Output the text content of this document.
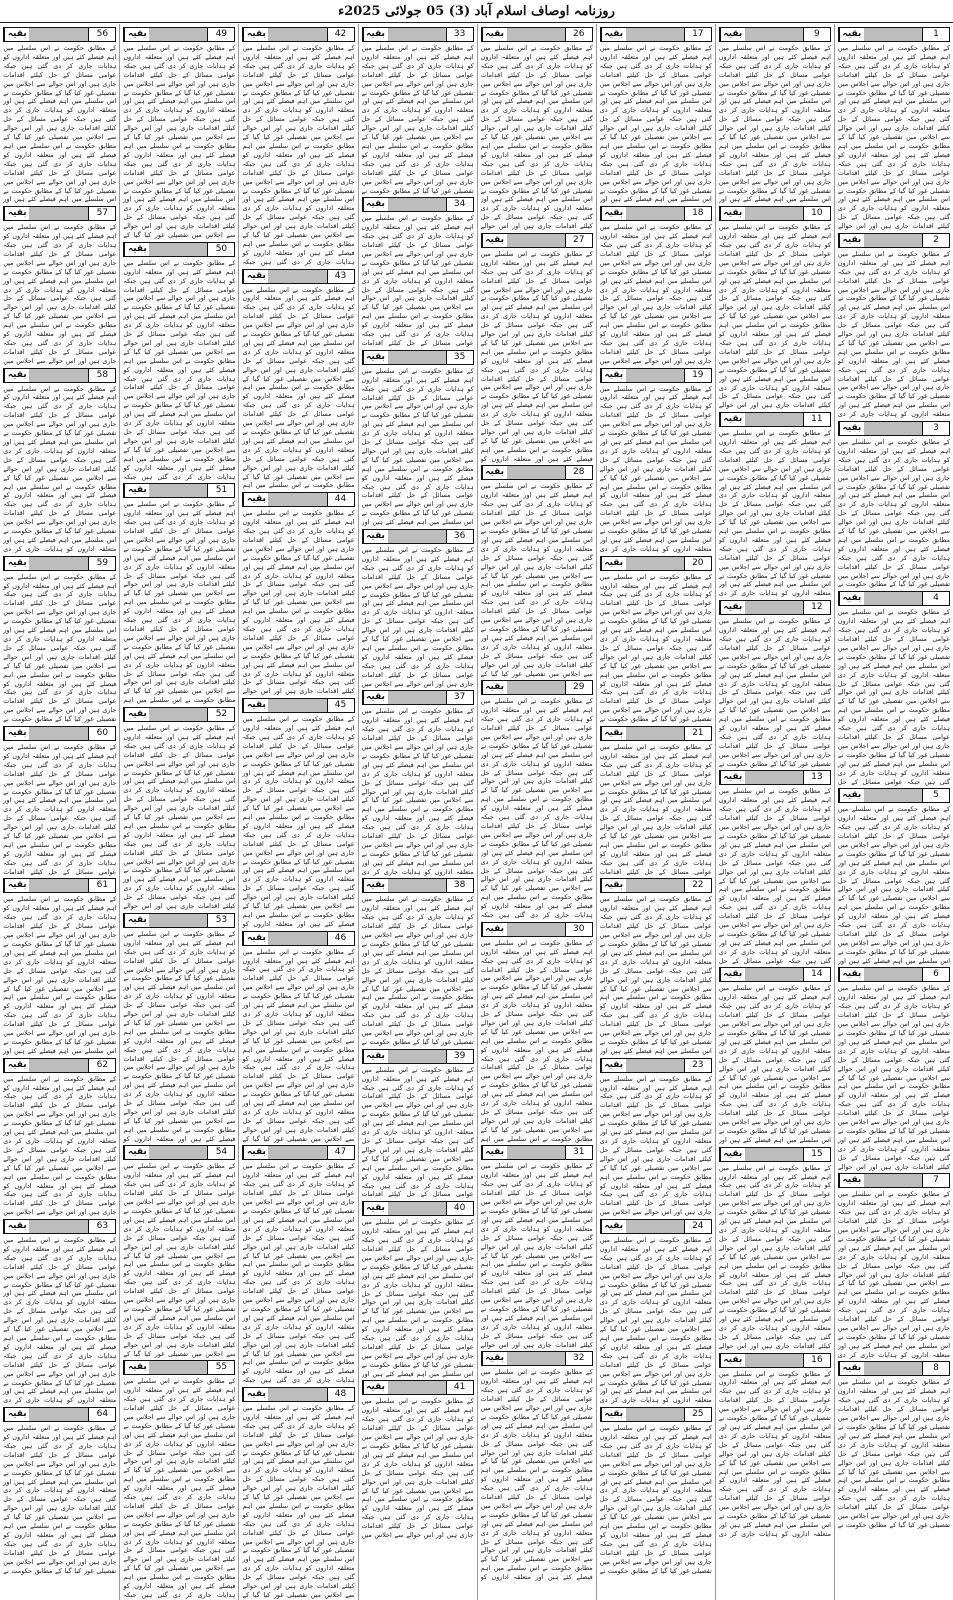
روزنامہ اوصاف اسلام آباد (3) 05 جولائی 2025ء
1
بقیہ

کے مطابق حکومت نے اس سلسلے میں اہم فیصلے کئے ہیں اور متعلقہ اداروں کو ہدایات جاری کر دی گئی ہیں جبکہ عوامی مسائل کے حل کیلئے اقدامات جاری ہیں اور اس حوالے سے اجلاس میں تفصیلی غور کیا گیا کے مطابق حکومت نے اس سلسلے میں اہم فیصلے کئے ہیں اور متعلقہ اداروں کو ہدایات جاری کر دی گئی ہیں جبکہ عوامی مسائل کے حل کیلئے اقدامات جاری ہیں اور اس حوالے سے اجلاس میں تفصیلی غور کیا گیا کے مطابق حکومت نے اس سلسلے میں اہم فیصلے کئے ہیں اور متعلقہ اداروں کو ہدایات جاری کر دی گئی ہیں جبکہ عوامی مسائل کے حل کیلئے اقدامات جاری ہیں اور اس حوالے سے اجلاس میں تفصیلی غور کیا گیا کے مطابق حکومت نے اس سلسلے میں اہم فیصلے کئے ہیں اور متعلقہ اداروں کو ہدایات جاری کر دی گئی ہیں جبکہ عوامی مسائل کے حل کیلئے اقدامات جاری ہیں اور اس حوالے

2
بقیہ

کے مطابق حکومت نے اس سلسلے میں اہم فیصلے کئے ہیں اور متعلقہ اداروں کو ہدایات جاری کر دی گئی ہیں جبکہ عوامی مسائل کے حل کیلئے اقدامات جاری ہیں اور اس حوالے سے اجلاس میں تفصیلی غور کیا گیا کے مطابق حکومت نے اس سلسلے میں اہم فیصلے کئے ہیں اور متعلقہ اداروں کو ہدایات جاری کر دی گئی ہیں جبکہ عوامی مسائل کے حل کیلئے اقدامات جاری ہیں اور اس حوالے سے اجلاس میں تفصیلی غور کیا گیا کے مطابق حکومت نے اس سلسلے میں اہم فیصلے کئے ہیں اور متعلقہ اداروں کو ہدایات جاری کر دی گئی ہیں جبکہ عوامی مسائل کے حل کیلئے اقدامات جاری ہیں اور اس حوالے سے اجلاس میں تفصیلی غور کیا گیا کے مطابق حکومت نے اس سلسلے میں اہم فیصلے کئے ہیں اور متعلقہ اداروں کو ہدایات جاری کر دی

3
بقیہ

کے مطابق حکومت نے اس سلسلے میں اہم فیصلے کئے ہیں اور متعلقہ اداروں کو ہدایات جاری کر دی گئی ہیں جبکہ عوامی مسائل کے حل کیلئے اقدامات جاری ہیں اور اس حوالے سے اجلاس میں تفصیلی غور کیا گیا کے مطابق حکومت نے اس سلسلے میں اہم فیصلے کئے ہیں اور متعلقہ اداروں کو ہدایات جاری کر دی گئی ہیں جبکہ عوامی مسائل کے حل کیلئے اقدامات جاری ہیں اور اس حوالے سے اجلاس میں تفصیلی غور کیا گیا کے مطابق حکومت نے اس سلسلے میں اہم فیصلے کئے ہیں اور متعلقہ اداروں کو ہدایات جاری کر دی گئی ہیں جبکہ عوامی مسائل کے حل کیلئے اقدامات جاری ہیں اور اس حوالے سے اجلاس میں تفصیلی غور کیا گیا کے مطابق حکومت نے

4
بقیہ

کے مطابق حکومت نے اس سلسلے میں اہم فیصلے کئے ہیں اور متعلقہ اداروں کو ہدایات جاری کر دی گئی ہیں جبکہ عوامی مسائل کے حل کیلئے اقدامات جاری ہیں اور اس حوالے سے اجلاس میں تفصیلی غور کیا گیا کے مطابق حکومت نے اس سلسلے میں اہم فیصلے کئے ہیں اور متعلقہ اداروں کو ہدایات جاری کر دی گئی ہیں جبکہ عوامی مسائل کے حل کیلئے اقدامات جاری ہیں اور اس حوالے سے اجلاس میں تفصیلی غور کیا گیا کے مطابق حکومت نے اس سلسلے میں اہم فیصلے کئے ہیں اور متعلقہ اداروں کو ہدایات جاری کر دی گئی ہیں جبکہ عوامی مسائل کے حل کیلئے اقدامات جاری ہیں اور اس حوالے سے اجلاس میں تفصیلی غور کیا گیا کے مطابق حکومت نے اس سلسلے میں اہم فیصلے کئے ہیں اور متعلقہ اداروں کو ہدایات جاری کر دی گئی ہیں جبکہ عوامی مسائل کے حل

5
بقیہ

کے مطابق حکومت نے اس سلسلے میں اہم فیصلے کئے ہیں اور متعلقہ اداروں کو ہدایات جاری کر دی گئی ہیں جبکہ عوامی مسائل کے حل کیلئے اقدامات جاری ہیں اور اس حوالے سے اجلاس میں تفصیلی غور کیا گیا کے مطابق حکومت نے اس سلسلے میں اہم فیصلے کئے ہیں اور متعلقہ اداروں کو ہدایات جاری کر دی گئی ہیں جبکہ عوامی مسائل کے حل کیلئے اقدامات جاری ہیں اور اس حوالے سے اجلاس میں تفصیلی غور کیا گیا کے مطابق حکومت نے اس سلسلے میں اہم فیصلے کئے ہیں اور متعلقہ اداروں کو ہدایات جاری کر دی گئی ہیں جبکہ عوامی مسائل کے حل کیلئے اقدامات جاری ہیں اور اس حوالے سے اجلاس میں تفصیلی غور کیا گیا کے مطابق حکومت نے اس سلسلے میں اہم فیصلے کئے ہیں اور

6
بقیہ

کے مطابق حکومت نے اس سلسلے میں اہم فیصلے کئے ہیں اور متعلقہ اداروں کو ہدایات جاری کر دی گئی ہیں جبکہ عوامی مسائل کے حل کیلئے اقدامات جاری ہیں اور اس حوالے سے اجلاس میں تفصیلی غور کیا گیا کے مطابق حکومت نے اس سلسلے میں اہم فیصلے کئے ہیں اور متعلقہ اداروں کو ہدایات جاری کر دی گئی ہیں جبکہ عوامی مسائل کے حل کیلئے اقدامات جاری ہیں اور اس حوالے سے اجلاس میں تفصیلی غور کیا گیا کے مطابق حکومت نے اس سلسلے میں اہم فیصلے کئے ہیں اور متعلقہ اداروں کو ہدایات جاری کر دی گئی ہیں جبکہ عوامی مسائل کے حل کیلئے اقدامات جاری ہیں اور اس حوالے سے اجلاس میں تفصیلی غور کیا گیا کے مطابق حکومت نے اس سلسلے میں اہم فیصلے کئے ہیں اور متعلقہ اداروں کو ہدایات جاری کر دی گئی ہیں جبکہ عوامی مسائل کے حل کیلئے اقدامات جاری ہیں اور اس حوالے

7
بقیہ

کے مطابق حکومت نے اس سلسلے میں اہم فیصلے کئے ہیں اور متعلقہ اداروں کو ہدایات جاری کر دی گئی ہیں جبکہ عوامی مسائل کے حل کیلئے اقدامات جاری ہیں اور اس حوالے سے اجلاس میں تفصیلی غور کیا گیا کے مطابق حکومت نے اس سلسلے میں اہم فیصلے کئے ہیں اور متعلقہ اداروں کو ہدایات جاری کر دی گئی ہیں جبکہ عوامی مسائل کے حل کیلئے اقدامات جاری ہیں اور اس حوالے سے اجلاس میں تفصیلی غور کیا گیا کے مطابق حکومت نے اس سلسلے میں اہم فیصلے کئے ہیں اور متعلقہ اداروں کو ہدایات جاری کر دی گئی ہیں جبکہ عوامی مسائل کے حل کیلئے اقدامات جاری ہیں اور اس حوالے سے اجلاس میں تفصیلی غور کیا گیا کے مطابق حکومت نے اس سلسلے میں اہم فیصلے کئے ہیں اور متعلقہ اداروں کو ہدایات جاری کر دی

8
بقیہ

کے مطابق حکومت نے اس سلسلے میں اہم فیصلے کئے ہیں اور متعلقہ اداروں کو ہدایات جاری کر دی گئی ہیں جبکہ عوامی مسائل کے حل کیلئے اقدامات جاری ہیں اور اس حوالے سے اجلاس میں تفصیلی غور کیا گیا کے مطابق حکومت نے اس سلسلے میں اہم فیصلے کئے ہیں اور متعلقہ اداروں کو ہدایات جاری کر دی گئی ہیں جبکہ عوامی مسائل کے حل کیلئے اقدامات جاری ہیں اور اس حوالے سے اجلاس میں تفصیلی غور کیا گیا کے مطابق حکومت نے اس سلسلے میں اہم فیصلے کئے ہیں اور متعلقہ اداروں کو ہدایات جاری کر دی گئی ہیں جبکہ عوامی مسائل کے حل کیلئے اقدامات جاری ہیں اور اس حوالے سے اجلاس میں تفصیلی غور کیا گیا کے مطابق حکومت نے

9
بقیہ

کے مطابق حکومت نے اس سلسلے میں اہم فیصلے کئے ہیں اور متعلقہ اداروں کو ہدایات جاری کر دی گئی ہیں جبکہ عوامی مسائل کے حل کیلئے اقدامات جاری ہیں اور اس حوالے سے اجلاس میں تفصیلی غور کیا گیا کے مطابق حکومت نے اس سلسلے میں اہم فیصلے کئے ہیں اور متعلقہ اداروں کو ہدایات جاری کر دی گئی ہیں جبکہ عوامی مسائل کے حل کیلئے اقدامات جاری ہیں اور اس حوالے سے اجلاس میں تفصیلی غور کیا گیا کے مطابق حکومت نے اس سلسلے میں اہم فیصلے کئے ہیں اور متعلقہ اداروں کو ہدایات جاری کر دی گئی ہیں جبکہ عوامی مسائل کے حل کیلئے اقدامات جاری ہیں اور اس حوالے سے اجلاس میں تفصیلی غور کیا گیا کے مطابق حکومت نے اس سلسلے میں اہم فیصلے کئے ہیں اور

10
بقیہ

کے مطابق حکومت نے اس سلسلے میں اہم فیصلے کئے ہیں اور متعلقہ اداروں کو ہدایات جاری کر دی گئی ہیں جبکہ عوامی مسائل کے حل کیلئے اقدامات جاری ہیں اور اس حوالے سے اجلاس میں تفصیلی غور کیا گیا کے مطابق حکومت نے اس سلسلے میں اہم فیصلے کئے ہیں اور متعلقہ اداروں کو ہدایات جاری کر دی گئی ہیں جبکہ عوامی مسائل کے حل کیلئے اقدامات جاری ہیں اور اس حوالے سے اجلاس میں تفصیلی غور کیا گیا کے مطابق حکومت نے اس سلسلے میں اہم فیصلے کئے ہیں اور متعلقہ اداروں کو ہدایات جاری کر دی گئی ہیں جبکہ عوامی مسائل کے حل کیلئے اقدامات جاری ہیں اور اس حوالے سے اجلاس میں تفصیلی غور کیا گیا کے مطابق حکومت نے اس سلسلے میں اہم فیصلے کئے ہیں اور متعلقہ اداروں کو ہدایات جاری کر دی گئی ہیں جبکہ عوامی مسائل کے حل کیلئے اقدامات جاری ہیں اور اس حوالے

11
بقیہ

کے مطابق حکومت نے اس سلسلے میں اہم فیصلے کئے ہیں اور متعلقہ اداروں کو ہدایات جاری کر دی گئی ہیں جبکہ عوامی مسائل کے حل کیلئے اقدامات جاری ہیں اور اس حوالے سے اجلاس میں تفصیلی غور کیا گیا کے مطابق حکومت نے اس سلسلے میں اہم فیصلے کئے ہیں اور متعلقہ اداروں کو ہدایات جاری کر دی گئی ہیں جبکہ عوامی مسائل کے حل کیلئے اقدامات جاری ہیں اور اس حوالے سے اجلاس میں تفصیلی غور کیا گیا کے مطابق حکومت نے اس سلسلے میں اہم فیصلے کئے ہیں اور متعلقہ اداروں کو ہدایات جاری کر دی گئی ہیں جبکہ عوامی مسائل کے حل کیلئے اقدامات جاری ہیں اور اس حوالے سے اجلاس میں تفصیلی غور کیا گیا کے مطابق حکومت نے اس سلسلے میں اہم فیصلے کئے ہیں اور متعلقہ اداروں کو ہدایات جاری کر دی

12
بقیہ

کے مطابق حکومت نے اس سلسلے میں اہم فیصلے کئے ہیں اور متعلقہ اداروں کو ہدایات جاری کر دی گئی ہیں جبکہ عوامی مسائل کے حل کیلئے اقدامات جاری ہیں اور اس حوالے سے اجلاس میں تفصیلی غور کیا گیا کے مطابق حکومت نے اس سلسلے میں اہم فیصلے کئے ہیں اور متعلقہ اداروں کو ہدایات جاری کر دی گئی ہیں جبکہ عوامی مسائل کے حل کیلئے اقدامات جاری ہیں اور اس حوالے سے اجلاس میں تفصیلی غور کیا گیا کے مطابق حکومت نے اس سلسلے میں اہم فیصلے کئے ہیں اور متعلقہ اداروں کو ہدایات جاری کر دی گئی ہیں جبکہ عوامی مسائل کے حل کیلئے اقدامات جاری ہیں اور اس حوالے سے اجلاس میں تفصیلی غور کیا گیا کے مطابق حکومت نے

13
بقیہ

کے مطابق حکومت نے اس سلسلے میں اہم فیصلے کئے ہیں اور متعلقہ اداروں کو ہدایات جاری کر دی گئی ہیں جبکہ عوامی مسائل کے حل کیلئے اقدامات جاری ہیں اور اس حوالے سے اجلاس میں تفصیلی غور کیا گیا کے مطابق حکومت نے اس سلسلے میں اہم فیصلے کئے ہیں اور متعلقہ اداروں کو ہدایات جاری کر دی گئی ہیں جبکہ عوامی مسائل کے حل کیلئے اقدامات جاری ہیں اور اس حوالے سے اجلاس میں تفصیلی غور کیا گیا کے مطابق حکومت نے اس سلسلے میں اہم فیصلے کئے ہیں اور متعلقہ اداروں کو ہدایات جاری کر دی گئی ہیں جبکہ عوامی مسائل کے حل کیلئے اقدامات جاری ہیں اور اس حوالے سے اجلاس میں تفصیلی غور کیا گیا کے مطابق حکومت نے اس سلسلے میں اہم فیصلے کئے ہیں اور متعلقہ اداروں کو ہدایات جاری کر دی گئی ہیں جبکہ عوامی مسائل کے حل

14
بقیہ

کے مطابق حکومت نے اس سلسلے میں اہم فیصلے کئے ہیں اور متعلقہ اداروں کو ہدایات جاری کر دی گئی ہیں جبکہ عوامی مسائل کے حل کیلئے اقدامات جاری ہیں اور اس حوالے سے اجلاس میں تفصیلی غور کیا گیا کے مطابق حکومت نے اس سلسلے میں اہم فیصلے کئے ہیں اور متعلقہ اداروں کو ہدایات جاری کر دی گئی ہیں جبکہ عوامی مسائل کے حل کیلئے اقدامات جاری ہیں اور اس حوالے سے اجلاس میں تفصیلی غور کیا گیا کے مطابق حکومت نے اس سلسلے میں اہم فیصلے کئے ہیں اور متعلقہ اداروں کو ہدایات جاری کر دی گئی ہیں جبکہ عوامی مسائل کے حل کیلئے اقدامات جاری ہیں اور اس حوالے سے اجلاس میں تفصیلی غور کیا گیا کے مطابق حکومت نے اس سلسلے میں اہم فیصلے کئے ہیں اور

15
بقیہ

کے مطابق حکومت نے اس سلسلے میں اہم فیصلے کئے ہیں اور متعلقہ اداروں کو ہدایات جاری کر دی گئی ہیں جبکہ عوامی مسائل کے حل کیلئے اقدامات جاری ہیں اور اس حوالے سے اجلاس میں تفصیلی غور کیا گیا کے مطابق حکومت نے اس سلسلے میں اہم فیصلے کئے ہیں اور متعلقہ اداروں کو ہدایات جاری کر دی گئی ہیں جبکہ عوامی مسائل کے حل کیلئے اقدامات جاری ہیں اور اس حوالے سے اجلاس میں تفصیلی غور کیا گیا کے مطابق حکومت نے اس سلسلے میں اہم فیصلے کئے ہیں اور متعلقہ اداروں کو ہدایات جاری کر دی گئی ہیں جبکہ عوامی مسائل کے حل کیلئے اقدامات جاری ہیں اور اس حوالے سے اجلاس میں تفصیلی غور کیا گیا کے مطابق حکومت نے اس سلسلے میں اہم فیصلے کئے ہیں اور متعلقہ اداروں کو ہدایات جاری کر دی گئی ہیں جبکہ عوامی مسائل کے حل کیلئے اقدامات جاری ہیں اور اس حوالے

16
بقیہ

کے مطابق حکومت نے اس سلسلے میں اہم فیصلے کئے ہیں اور متعلقہ اداروں کو ہدایات جاری کر دی گئی ہیں جبکہ عوامی مسائل کے حل کیلئے اقدامات جاری ہیں اور اس حوالے سے اجلاس میں تفصیلی غور کیا گیا کے مطابق حکومت نے اس سلسلے میں اہم فیصلے کئے ہیں اور متعلقہ اداروں کو ہدایات جاری کر دی گئی ہیں جبکہ عوامی مسائل کے حل کیلئے اقدامات جاری ہیں اور اس حوالے سے اجلاس میں تفصیلی غور کیا گیا کے مطابق حکومت نے اس سلسلے میں اہم فیصلے کئے ہیں اور متعلقہ اداروں کو ہدایات جاری کر دی گئی ہیں جبکہ عوامی مسائل کے حل کیلئے اقدامات جاری ہیں اور اس حوالے سے اجلاس میں تفصیلی غور کیا گیا کے مطابق حکومت نے اس سلسلے میں اہم فیصلے کئے ہیں اور متعلقہ اداروں کو ہدایات جاری کر دی

17
بقیہ

کے مطابق حکومت نے اس سلسلے میں اہم فیصلے کئے ہیں اور متعلقہ اداروں کو ہدایات جاری کر دی گئی ہیں جبکہ عوامی مسائل کے حل کیلئے اقدامات جاری ہیں اور اس حوالے سے اجلاس میں تفصیلی غور کیا گیا کے مطابق حکومت نے اس سلسلے میں اہم فیصلے کئے ہیں اور متعلقہ اداروں کو ہدایات جاری کر دی گئی ہیں جبکہ عوامی مسائل کے حل کیلئے اقدامات جاری ہیں اور اس حوالے سے اجلاس میں تفصیلی غور کیا گیا کے مطابق حکومت نے اس سلسلے میں اہم فیصلے کئے ہیں اور متعلقہ اداروں کو ہدایات جاری کر دی گئی ہیں جبکہ عوامی مسائل کے حل کیلئے اقدامات جاری ہیں اور اس حوالے سے اجلاس میں تفصیلی غور کیا گیا کے مطابق حکومت نے اس سلسلے میں اہم فیصلے کئے ہیں اور

18
بقیہ

کے مطابق حکومت نے اس سلسلے میں اہم فیصلے کئے ہیں اور متعلقہ اداروں کو ہدایات جاری کر دی گئی ہیں جبکہ عوامی مسائل کے حل کیلئے اقدامات جاری ہیں اور اس حوالے سے اجلاس میں تفصیلی غور کیا گیا کے مطابق حکومت نے اس سلسلے میں اہم فیصلے کئے ہیں اور متعلقہ اداروں کو ہدایات جاری کر دی گئی ہیں جبکہ عوامی مسائل کے حل کیلئے اقدامات جاری ہیں اور اس حوالے سے اجلاس میں تفصیلی غور کیا گیا کے مطابق حکومت نے اس سلسلے میں اہم فیصلے کئے ہیں اور متعلقہ اداروں کو ہدایات جاری کر دی گئی ہیں جبکہ عوامی مسائل کے حل کیلئے اقدامات جاری ہیں اور اس حوالے سے اجلاس میں

19
بقیہ

کے مطابق حکومت نے اس سلسلے میں اہم فیصلے کئے ہیں اور متعلقہ اداروں کو ہدایات جاری کر دی گئی ہیں جبکہ عوامی مسائل کے حل کیلئے اقدامات جاری ہیں اور اس حوالے سے اجلاس میں تفصیلی غور کیا گیا کے مطابق حکومت نے اس سلسلے میں اہم فیصلے کئے ہیں اور متعلقہ اداروں کو ہدایات جاری کر دی گئی ہیں جبکہ عوامی مسائل کے حل کیلئے اقدامات جاری ہیں اور اس حوالے سے اجلاس میں تفصیلی غور کیا گیا کے مطابق حکومت نے اس سلسلے میں اہم فیصلے کئے ہیں اور متعلقہ اداروں کو ہدایات جاری کر دی گئی ہیں جبکہ عوامی مسائل کے حل کیلئے اقدامات جاری ہیں اور اس حوالے سے اجلاس میں تفصیلی غور کیا گیا کے مطابق حکومت نے اس سلسلے میں اہم فیصلے کئے ہیں اور متعلقہ اداروں کو ہدایات جاری کر دی

20
بقیہ

کے مطابق حکومت نے اس سلسلے میں اہم فیصلے کئے ہیں اور متعلقہ اداروں کو ہدایات جاری کر دی گئی ہیں جبکہ عوامی مسائل کے حل کیلئے اقدامات جاری ہیں اور اس حوالے سے اجلاس میں تفصیلی غور کیا گیا کے مطابق حکومت نے اس سلسلے میں اہم فیصلے کئے ہیں اور متعلقہ اداروں کو ہدایات جاری کر دی گئی ہیں جبکہ عوامی مسائل کے حل کیلئے اقدامات جاری ہیں اور اس حوالے سے اجلاس میں تفصیلی غور کیا گیا کے مطابق حکومت نے اس سلسلے میں اہم فیصلے کئے ہیں اور متعلقہ اداروں کو ہدایات جاری کر دی گئی ہیں جبکہ عوامی مسائل کے حل کیلئے اقدامات جاری ہیں اور اس حوالے سے اجلاس میں تفصیلی غور کیا گیا کے مطابق حکومت نے

21
بقیہ

کے مطابق حکومت نے اس سلسلے میں اہم فیصلے کئے ہیں اور متعلقہ اداروں کو ہدایات جاری کر دی گئی ہیں جبکہ عوامی مسائل کے حل کیلئے اقدامات جاری ہیں اور اس حوالے سے اجلاس میں تفصیلی غور کیا گیا کے مطابق حکومت نے اس سلسلے میں اہم فیصلے کئے ہیں اور متعلقہ اداروں کو ہدایات جاری کر دی گئی ہیں جبکہ عوامی مسائل کے حل کیلئے اقدامات جاری ہیں اور اس حوالے سے اجلاس میں تفصیلی غور کیا گیا کے مطابق حکومت نے اس سلسلے میں اہم فیصلے کئے ہیں اور متعلقہ اداروں کو ہدایات جاری کر دی گئی ہیں جبکہ عوامی مسائل کے حل کیلئے اقدامات

22
بقیہ

کے مطابق حکومت نے اس سلسلے میں اہم فیصلے کئے ہیں اور متعلقہ اداروں کو ہدایات جاری کر دی گئی ہیں جبکہ عوامی مسائل کے حل کیلئے اقدامات جاری ہیں اور اس حوالے سے اجلاس میں تفصیلی غور کیا گیا کے مطابق حکومت نے اس سلسلے میں اہم فیصلے کئے ہیں اور متعلقہ اداروں کو ہدایات جاری کر دی گئی ہیں جبکہ عوامی مسائل کے حل کیلئے اقدامات جاری ہیں اور اس حوالے سے اجلاس میں تفصیلی غور کیا گیا کے مطابق حکومت نے اس سلسلے میں اہم فیصلے کئے ہیں اور متعلقہ اداروں کو ہدایات جاری کر دی گئی ہیں جبکہ عوامی مسائل کے حل کیلئے اقدامات جاری ہیں اور اس حوالے سے اجلاس میں تفصیلی غور کیا گیا کے مطابق حکومت نے اس سلسلے میں اہم فیصلے کئے ہیں اور

23
بقیہ

کے مطابق حکومت نے اس سلسلے میں اہم فیصلے کئے ہیں اور متعلقہ اداروں کو ہدایات جاری کر دی گئی ہیں جبکہ عوامی مسائل کے حل کیلئے اقدامات جاری ہیں اور اس حوالے سے اجلاس میں تفصیلی غور کیا گیا کے مطابق حکومت نے اس سلسلے میں اہم فیصلے کئے ہیں اور متعلقہ اداروں کو ہدایات جاری کر دی گئی ہیں جبکہ عوامی مسائل کے حل کیلئے اقدامات جاری ہیں اور اس حوالے سے اجلاس میں تفصیلی غور کیا گیا کے مطابق حکومت نے اس سلسلے میں اہم فیصلے کئے ہیں اور متعلقہ اداروں کو ہدایات جاری کر دی گئی ہیں جبکہ عوامی مسائل کے حل کیلئے اقدامات جاری ہیں اور اس حوالے سے اجلاس میں

24
بقیہ

کے مطابق حکومت نے اس سلسلے میں اہم فیصلے کئے ہیں اور متعلقہ اداروں کو ہدایات جاری کر دی گئی ہیں جبکہ عوامی مسائل کے حل کیلئے اقدامات جاری ہیں اور اس حوالے سے اجلاس میں تفصیلی غور کیا گیا کے مطابق حکومت نے اس سلسلے میں اہم فیصلے کئے ہیں اور متعلقہ اداروں کو ہدایات جاری کر دی گئی ہیں جبکہ عوامی مسائل کے حل کیلئے اقدامات جاری ہیں اور اس حوالے سے اجلاس میں تفصیلی غور کیا گیا کے مطابق حکومت نے اس سلسلے میں اہم فیصلے کئے ہیں اور متعلقہ اداروں کو ہدایات جاری کر دی گئی ہیں جبکہ عوامی مسائل کے حل کیلئے اقدامات جاری ہیں اور اس حوالے سے اجلاس میں تفصیلی غور کیا گیا کے مطابق حکومت نے اس سلسلے میں اہم فیصلے کئے ہیں اور متعلقہ اداروں کو ہدایات جاری کر دی

25
بقیہ

کے مطابق حکومت نے اس سلسلے میں اہم فیصلے کئے ہیں اور متعلقہ اداروں کو ہدایات جاری کر دی گئی ہیں جبکہ عوامی مسائل کے حل کیلئے اقدامات جاری ہیں اور اس حوالے سے اجلاس میں تفصیلی غور کیا گیا کے مطابق حکومت نے اس سلسلے میں اہم فیصلے کئے ہیں اور متعلقہ اداروں کو ہدایات جاری کر دی گئی ہیں جبکہ عوامی مسائل کے حل کیلئے اقدامات جاری ہیں اور اس حوالے سے اجلاس میں تفصیلی غور کیا گیا کے مطابق حکومت نے اس سلسلے میں اہم فیصلے کئے ہیں اور متعلقہ اداروں کو ہدایات جاری کر دی گئی ہیں جبکہ عوامی مسائل کے حل کیلئے اقدامات جاری ہیں اور اس حوالے سے اجلاس میں تفصیلی غور کیا گیا کے مطابق حکومت نے

26
بقیہ

کے مطابق حکومت نے اس سلسلے میں اہم فیصلے کئے ہیں اور متعلقہ اداروں کو ہدایات جاری کر دی گئی ہیں جبکہ عوامی مسائل کے حل کیلئے اقدامات جاری ہیں اور اس حوالے سے اجلاس میں تفصیلی غور کیا گیا کے مطابق حکومت نے اس سلسلے میں اہم فیصلے کئے ہیں اور متعلقہ اداروں کو ہدایات جاری کر دی گئی ہیں جبکہ عوامی مسائل کے حل کیلئے اقدامات جاری ہیں اور اس حوالے سے اجلاس میں تفصیلی غور کیا گیا کے مطابق حکومت نے اس سلسلے میں اہم فیصلے کئے ہیں اور متعلقہ اداروں کو ہدایات جاری کر دی گئی ہیں جبکہ عوامی مسائل کے حل کیلئے اقدامات جاری ہیں اور اس حوالے سے اجلاس میں تفصیلی غور کیا گیا کے مطابق حکومت نے اس سلسلے میں اہم فیصلے کئے ہیں اور متعلقہ اداروں کو ہدایات جاری کر دی گئی ہیں جبکہ عوامی مسائل کے حل کیلئے اقدامات جاری ہیں اور اس حوالے

27
بقیہ

کے مطابق حکومت نے اس سلسلے میں اہم فیصلے کئے ہیں اور متعلقہ اداروں کو ہدایات جاری کر دی گئی ہیں جبکہ عوامی مسائل کے حل کیلئے اقدامات جاری ہیں اور اس حوالے سے اجلاس میں تفصیلی غور کیا گیا کے مطابق حکومت نے اس سلسلے میں اہم فیصلے کئے ہیں اور متعلقہ اداروں کو ہدایات جاری کر دی گئی ہیں جبکہ عوامی مسائل کے حل کیلئے اقدامات جاری ہیں اور اس حوالے سے اجلاس میں تفصیلی غور کیا گیا کے مطابق حکومت نے اس سلسلے میں اہم فیصلے کئے ہیں اور متعلقہ اداروں کو ہدایات جاری کر دی گئی ہیں جبکہ عوامی مسائل کے حل کیلئے اقدامات جاری ہیں اور اس حوالے سے اجلاس میں تفصیلی غور کیا گیا کے مطابق حکومت نے اس سلسلے میں اہم فیصلے کئے ہیں اور متعلقہ اداروں کو ہدایات جاری کر دی گئی ہیں جبکہ عوامی مسائل کے حل کیلئے اقدامات جاری ہیں اور اس حوالے سے اجلاس میں تفصیلی غور کیا گیا کے مطابق حکومت نے اس سلسلے میں اہم فیصلے کئے ہیں اور متعلقہ اداروں کو

28
بقیہ

کے مطابق حکومت نے اس سلسلے میں اہم فیصلے کئے ہیں اور متعلقہ اداروں کو ہدایات جاری کر دی گئی ہیں جبکہ عوامی مسائل کے حل کیلئے اقدامات جاری ہیں اور اس حوالے سے اجلاس میں تفصیلی غور کیا گیا کے مطابق حکومت نے اس سلسلے میں اہم فیصلے کئے ہیں اور متعلقہ اداروں کو ہدایات جاری کر دی گئی ہیں جبکہ عوامی مسائل کے حل کیلئے اقدامات جاری ہیں اور اس حوالے سے اجلاس میں تفصیلی غور کیا گیا کے مطابق حکومت نے اس سلسلے میں اہم فیصلے کئے ہیں اور متعلقہ اداروں کو ہدایات جاری کر دی گئی ہیں جبکہ عوامی مسائل کے حل کیلئے اقدامات جاری ہیں اور اس حوالے سے اجلاس میں تفصیلی غور کیا گیا کے مطابق حکومت نے اس سلسلے میں اہم فیصلے کئے ہیں اور متعلقہ اداروں کو ہدایات جاری کر دی گئی ہیں جبکہ عوامی مسائل کے حل کیلئے اقدامات جاری ہیں اور اس حوالے سے اجلاس میں تفصیلی غور کیا گیا کے

29
بقیہ

کے مطابق حکومت نے اس سلسلے میں اہم فیصلے کئے ہیں اور متعلقہ اداروں کو ہدایات جاری کر دی گئی ہیں جبکہ عوامی مسائل کے حل کیلئے اقدامات جاری ہیں اور اس حوالے سے اجلاس میں تفصیلی غور کیا گیا کے مطابق حکومت نے اس سلسلے میں اہم فیصلے کئے ہیں اور متعلقہ اداروں کو ہدایات جاری کر دی گئی ہیں جبکہ عوامی مسائل کے حل کیلئے اقدامات جاری ہیں اور اس حوالے سے اجلاس میں تفصیلی غور کیا گیا کے مطابق حکومت نے اس سلسلے میں اہم فیصلے کئے ہیں اور متعلقہ اداروں کو ہدایات جاری کر دی گئی ہیں جبکہ عوامی مسائل کے حل کیلئے اقدامات جاری ہیں اور اس حوالے سے اجلاس میں تفصیلی غور کیا گیا کے مطابق حکومت نے اس سلسلے میں اہم فیصلے کئے ہیں اور متعلقہ اداروں کو ہدایات جاری کر دی گئی ہیں جبکہ عوامی مسائل کے حل کیلئے اقدامات جاری ہیں اور اس حوالے سے اجلاس میں تفصیلی غور کیا گیا کے مطابق حکومت نے اس سلسلے میں اہم فیصلے کئے ہیں اور متعلقہ اداروں کو ہدایات جاری کر دی گئی ہیں جبکہ

30
بقیہ

کے مطابق حکومت نے اس سلسلے میں اہم فیصلے کئے ہیں اور متعلقہ اداروں کو ہدایات جاری کر دی گئی ہیں جبکہ عوامی مسائل کے حل کیلئے اقدامات جاری ہیں اور اس حوالے سے اجلاس میں تفصیلی غور کیا گیا کے مطابق حکومت نے اس سلسلے میں اہم فیصلے کئے ہیں اور متعلقہ اداروں کو ہدایات جاری کر دی گئی ہیں جبکہ عوامی مسائل کے حل کیلئے اقدامات جاری ہیں اور اس حوالے سے اجلاس میں تفصیلی غور کیا گیا کے مطابق حکومت نے اس سلسلے میں اہم فیصلے کئے ہیں اور متعلقہ اداروں کو ہدایات جاری کر دی گئی ہیں جبکہ عوامی مسائل کے حل کیلئے اقدامات جاری ہیں اور اس حوالے سے اجلاس میں تفصیلی غور کیا گیا کے مطابق حکومت نے اس سلسلے میں اہم فیصلے کئے ہیں اور متعلقہ اداروں کو ہدایات جاری کر دی گئی ہیں جبکہ عوامی مسائل کے حل کیلئے اقدامات جاری ہیں اور اس حوالے سے اجلاس میں تفصیلی غور کیا گیا کے مطابق حکومت نے اس سلسلے میں اہم

31
بقیہ

کے مطابق حکومت نے اس سلسلے میں اہم فیصلے کئے ہیں اور متعلقہ اداروں کو ہدایات جاری کر دی گئی ہیں جبکہ عوامی مسائل کے حل کیلئے اقدامات جاری ہیں اور اس حوالے سے اجلاس میں تفصیلی غور کیا گیا کے مطابق حکومت نے اس سلسلے میں اہم فیصلے کئے ہیں اور متعلقہ اداروں کو ہدایات جاری کر دی گئی ہیں جبکہ عوامی مسائل کے حل کیلئے اقدامات جاری ہیں اور اس حوالے سے اجلاس میں تفصیلی غور کیا گیا کے مطابق حکومت نے اس سلسلے میں اہم فیصلے کئے ہیں اور متعلقہ اداروں کو ہدایات جاری کر دی گئی ہیں جبکہ عوامی مسائل کے حل کیلئے اقدامات جاری ہیں اور اس حوالے سے اجلاس میں تفصیلی غور کیا گیا کے مطابق حکومت نے اس سلسلے میں اہم فیصلے کئے ہیں اور متعلقہ اداروں کو ہدایات جاری کر دی گئی ہیں جبکہ عوامی مسائل کے حل کیلئے اقدامات جاری ہیں اور اس حوالے

32
بقیہ

کے مطابق حکومت نے اس سلسلے میں اہم فیصلے کئے ہیں اور متعلقہ اداروں کو ہدایات جاری کر دی گئی ہیں جبکہ عوامی مسائل کے حل کیلئے اقدامات جاری ہیں اور اس حوالے سے اجلاس میں تفصیلی غور کیا گیا کے مطابق حکومت نے اس سلسلے میں اہم فیصلے کئے ہیں اور متعلقہ اداروں کو ہدایات جاری کر دی گئی ہیں جبکہ عوامی مسائل کے حل کیلئے اقدامات جاری ہیں اور اس حوالے سے اجلاس میں تفصیلی غور کیا گیا کے مطابق حکومت نے اس سلسلے میں اہم فیصلے کئے ہیں اور متعلقہ اداروں کو ہدایات جاری کر دی گئی ہیں جبکہ عوامی مسائل کے حل کیلئے اقدامات جاری ہیں اور اس حوالے سے اجلاس میں تفصیلی غور کیا گیا کے مطابق حکومت نے اس سلسلے میں اہم فیصلے کئے ہیں اور متعلقہ اداروں کو ہدایات جاری کر دی گئی ہیں جبکہ عوامی مسائل کے حل کیلئے اقدامات جاری ہیں اور اس حوالے سے اجلاس میں تفصیلی غور کیا گیا کے مطابق حکومت نے اس سلسلے میں اہم فیصلے کئے ہیں اور متعلقہ اداروں کو

33
بقیہ

کے مطابق حکومت نے اس سلسلے میں اہم فیصلے کئے ہیں اور متعلقہ اداروں کو ہدایات جاری کر دی گئی ہیں جبکہ عوامی مسائل کے حل کیلئے اقدامات جاری ہیں اور اس حوالے سے اجلاس میں تفصیلی غور کیا گیا کے مطابق حکومت نے اس سلسلے میں اہم فیصلے کئے ہیں اور متعلقہ اداروں کو ہدایات جاری کر دی گئی ہیں جبکہ عوامی مسائل کے حل کیلئے اقدامات جاری ہیں اور اس حوالے سے اجلاس میں تفصیلی غور کیا گیا کے مطابق حکومت نے اس سلسلے میں اہم فیصلے کئے ہیں اور متعلقہ اداروں کو ہدایات جاری کر دی گئی ہیں جبکہ عوامی مسائل کے حل کیلئے اقدامات جاری ہیں اور اس حوالے سے اجلاس میں تفصیلی غور کیا گیا کے مطابق حکومت نے

34
بقیہ

کے مطابق حکومت نے اس سلسلے میں اہم فیصلے کئے ہیں اور متعلقہ اداروں کو ہدایات جاری کر دی گئی ہیں جبکہ عوامی مسائل کے حل کیلئے اقدامات جاری ہیں اور اس حوالے سے اجلاس میں تفصیلی غور کیا گیا کے مطابق حکومت نے اس سلسلے میں اہم فیصلے کئے ہیں اور متعلقہ اداروں کو ہدایات جاری کر دی گئی ہیں جبکہ عوامی مسائل کے حل کیلئے اقدامات جاری ہیں اور اس حوالے سے اجلاس میں تفصیلی غور کیا گیا کے مطابق حکومت نے اس سلسلے میں اہم فیصلے کئے ہیں اور متعلقہ اداروں کو ہدایات جاری کر دی گئی ہیں جبکہ عوامی مسائل کے حل کیلئے اقدامات

35
بقیہ

کے مطابق حکومت نے اس سلسلے میں اہم فیصلے کئے ہیں اور متعلقہ اداروں کو ہدایات جاری کر دی گئی ہیں جبکہ عوامی مسائل کے حل کیلئے اقدامات جاری ہیں اور اس حوالے سے اجلاس میں تفصیلی غور کیا گیا کے مطابق حکومت نے اس سلسلے میں اہم فیصلے کئے ہیں اور متعلقہ اداروں کو ہدایات جاری کر دی گئی ہیں جبکہ عوامی مسائل کے حل کیلئے اقدامات جاری ہیں اور اس حوالے سے اجلاس میں تفصیلی غور کیا گیا کے مطابق حکومت نے اس سلسلے میں اہم فیصلے کئے ہیں اور متعلقہ اداروں کو ہدایات جاری کر دی گئی ہیں جبکہ عوامی مسائل کے حل کیلئے اقدامات جاری ہیں اور اس حوالے سے اجلاس میں تفصیلی غور کیا گیا کے مطابق حکومت نے اس سلسلے میں اہم فیصلے کئے ہیں اور

36
بقیہ

کے مطابق حکومت نے اس سلسلے میں اہم فیصلے کئے ہیں اور متعلقہ اداروں کو ہدایات جاری کر دی گئی ہیں جبکہ عوامی مسائل کے حل کیلئے اقدامات جاری ہیں اور اس حوالے سے اجلاس میں تفصیلی غور کیا گیا کے مطابق حکومت نے اس سلسلے میں اہم فیصلے کئے ہیں اور متعلقہ اداروں کو ہدایات جاری کر دی گئی ہیں جبکہ عوامی مسائل کے حل کیلئے اقدامات جاری ہیں اور اس حوالے سے اجلاس میں تفصیلی غور کیا گیا کے مطابق حکومت نے اس سلسلے میں اہم فیصلے کئے ہیں اور متعلقہ اداروں کو ہدایات جاری کر دی گئی ہیں جبکہ عوامی مسائل کے حل کیلئے اقدامات جاری ہیں اور اس حوالے سے اجلاس میں

37
بقیہ

کے مطابق حکومت نے اس سلسلے میں اہم فیصلے کئے ہیں اور متعلقہ اداروں کو ہدایات جاری کر دی گئی ہیں جبکہ عوامی مسائل کے حل کیلئے اقدامات جاری ہیں اور اس حوالے سے اجلاس میں تفصیلی غور کیا گیا کے مطابق حکومت نے اس سلسلے میں اہم فیصلے کئے ہیں اور متعلقہ اداروں کو ہدایات جاری کر دی گئی ہیں جبکہ عوامی مسائل کے حل کیلئے اقدامات جاری ہیں اور اس حوالے سے اجلاس میں تفصیلی غور کیا گیا کے مطابق حکومت نے اس سلسلے میں اہم فیصلے کئے ہیں اور متعلقہ اداروں کو ہدایات جاری کر دی گئی ہیں جبکہ عوامی مسائل کے حل کیلئے اقدامات جاری ہیں اور اس حوالے سے اجلاس میں تفصیلی غور کیا گیا کے مطابق حکومت نے اس سلسلے میں اہم فیصلے کئے ہیں اور متعلقہ اداروں کو ہدایات جاری کر دی

38
بقیہ

کے مطابق حکومت نے اس سلسلے میں اہم فیصلے کئے ہیں اور متعلقہ اداروں کو ہدایات جاری کر دی گئی ہیں جبکہ عوامی مسائل کے حل کیلئے اقدامات جاری ہیں اور اس حوالے سے اجلاس میں تفصیلی غور کیا گیا کے مطابق حکومت نے اس سلسلے میں اہم فیصلے کئے ہیں اور متعلقہ اداروں کو ہدایات جاری کر دی گئی ہیں جبکہ عوامی مسائل کے حل کیلئے اقدامات جاری ہیں اور اس حوالے سے اجلاس میں تفصیلی غور کیا گیا کے مطابق حکومت نے اس سلسلے میں اہم فیصلے کئے ہیں اور متعلقہ اداروں کو ہدایات جاری کر دی گئی ہیں جبکہ عوامی مسائل کے حل کیلئے اقدامات جاری ہیں اور اس حوالے سے اجلاس میں تفصیلی غور کیا گیا کے مطابق حکومت نے

39
بقیہ

کے مطابق حکومت نے اس سلسلے میں اہم فیصلے کئے ہیں اور متعلقہ اداروں کو ہدایات جاری کر دی گئی ہیں جبکہ عوامی مسائل کے حل کیلئے اقدامات جاری ہیں اور اس حوالے سے اجلاس میں تفصیلی غور کیا گیا کے مطابق حکومت نے اس سلسلے میں اہم فیصلے کئے ہیں اور متعلقہ اداروں کو ہدایات جاری کر دی گئی ہیں جبکہ عوامی مسائل کے حل کیلئے اقدامات جاری ہیں اور اس حوالے سے اجلاس میں تفصیلی غور کیا گیا کے مطابق حکومت نے اس سلسلے میں اہم فیصلے کئے ہیں اور متعلقہ اداروں کو ہدایات جاری کر دی گئی ہیں جبکہ عوامی مسائل کے حل کیلئے اقدامات

40
بقیہ

کے مطابق حکومت نے اس سلسلے میں اہم فیصلے کئے ہیں اور متعلقہ اداروں کو ہدایات جاری کر دی گئی ہیں جبکہ عوامی مسائل کے حل کیلئے اقدامات جاری ہیں اور اس حوالے سے اجلاس میں تفصیلی غور کیا گیا کے مطابق حکومت نے اس سلسلے میں اہم فیصلے کئے ہیں اور متعلقہ اداروں کو ہدایات جاری کر دی گئی ہیں جبکہ عوامی مسائل کے حل کیلئے اقدامات جاری ہیں اور اس حوالے سے اجلاس میں تفصیلی غور کیا گیا کے مطابق حکومت نے اس سلسلے میں اہم فیصلے کئے ہیں اور متعلقہ اداروں کو ہدایات جاری کر دی گئی ہیں جبکہ عوامی مسائل کے حل کیلئے اقدامات جاری ہیں اور اس حوالے سے اجلاس میں تفصیلی غور کیا گیا کے مطابق حکومت نے اس سلسلے میں اہم فیصلے کئے ہیں اور

41
بقیہ

کے مطابق حکومت نے اس سلسلے میں اہم فیصلے کئے ہیں اور متعلقہ اداروں کو ہدایات جاری کر دی گئی ہیں جبکہ عوامی مسائل کے حل کیلئے اقدامات جاری ہیں اور اس حوالے سے اجلاس میں تفصیلی غور کیا گیا کے مطابق حکومت نے اس سلسلے میں اہم فیصلے کئے ہیں اور متعلقہ اداروں کو ہدایات جاری کر دی گئی ہیں جبکہ عوامی مسائل کے حل کیلئے اقدامات جاری ہیں اور اس حوالے سے اجلاس میں تفصیلی غور کیا گیا کے مطابق حکومت نے اس سلسلے میں اہم فیصلے کئے ہیں اور متعلقہ اداروں کو ہدایات جاری کر دی گئی ہیں جبکہ عوامی مسائل کے حل کیلئے اقدامات جاری ہیں اور اس حوالے سے اجلاس میں

42
بقیہ

کے مطابق حکومت نے اس سلسلے میں اہم فیصلے کئے ہیں اور متعلقہ اداروں کو ہدایات جاری کر دی گئی ہیں جبکہ عوامی مسائل کے حل کیلئے اقدامات جاری ہیں اور اس حوالے سے اجلاس میں تفصیلی غور کیا گیا کے مطابق حکومت نے اس سلسلے میں اہم فیصلے کئے ہیں اور متعلقہ اداروں کو ہدایات جاری کر دی گئی ہیں جبکہ عوامی مسائل کے حل کیلئے اقدامات جاری ہیں اور اس حوالے سے اجلاس میں تفصیلی غور کیا گیا کے مطابق حکومت نے اس سلسلے میں اہم فیصلے کئے ہیں اور متعلقہ اداروں کو ہدایات جاری کر دی گئی ہیں جبکہ عوامی مسائل کے حل کیلئے اقدامات جاری ہیں اور اس حوالے سے اجلاس میں تفصیلی غور کیا گیا کے مطابق حکومت نے اس سلسلے میں اہم فیصلے کئے ہیں اور متعلقہ اداروں کو ہدایات جاری کر دی گئی ہیں جبکہ عوامی مسائل کے حل کیلئے اقدامات جاری ہیں اور اس حوالے سے اجلاس میں تفصیلی غور کیا گیا کے مطابق حکومت نے اس سلسلے میں اہم فیصلے کئے ہیں اور متعلقہ اداروں کو ہدایات جاری کر دی گئی ہیں جبکہ

43
بقیہ

کے مطابق حکومت نے اس سلسلے میں اہم فیصلے کئے ہیں اور متعلقہ اداروں کو ہدایات جاری کر دی گئی ہیں جبکہ عوامی مسائل کے حل کیلئے اقدامات جاری ہیں اور اس حوالے سے اجلاس میں تفصیلی غور کیا گیا کے مطابق حکومت نے اس سلسلے میں اہم فیصلے کئے ہیں اور متعلقہ اداروں کو ہدایات جاری کر دی گئی ہیں جبکہ عوامی مسائل کے حل کیلئے اقدامات جاری ہیں اور اس حوالے سے اجلاس میں تفصیلی غور کیا گیا کے مطابق حکومت نے اس سلسلے میں اہم فیصلے کئے ہیں اور متعلقہ اداروں کو ہدایات جاری کر دی گئی ہیں جبکہ عوامی مسائل کے حل کیلئے اقدامات جاری ہیں اور اس حوالے سے اجلاس میں تفصیلی غور کیا گیا کے مطابق حکومت نے اس سلسلے میں اہم فیصلے کئے ہیں اور متعلقہ اداروں کو ہدایات جاری کر دی گئی ہیں جبکہ عوامی مسائل کے حل کیلئے اقدامات جاری ہیں اور اس حوالے سے اجلاس میں تفصیلی غور کیا گیا کے مطابق حکومت نے اس سلسلے میں اہم

44
بقیہ

کے مطابق حکومت نے اس سلسلے میں اہم فیصلے کئے ہیں اور متعلقہ اداروں کو ہدایات جاری کر دی گئی ہیں جبکہ عوامی مسائل کے حل کیلئے اقدامات جاری ہیں اور اس حوالے سے اجلاس میں تفصیلی غور کیا گیا کے مطابق حکومت نے اس سلسلے میں اہم فیصلے کئے ہیں اور متعلقہ اداروں کو ہدایات جاری کر دی گئی ہیں جبکہ عوامی مسائل کے حل کیلئے اقدامات جاری ہیں اور اس حوالے سے اجلاس میں تفصیلی غور کیا گیا کے مطابق حکومت نے اس سلسلے میں اہم فیصلے کئے ہیں اور متعلقہ اداروں کو ہدایات جاری کر دی گئی ہیں جبکہ عوامی مسائل کے حل کیلئے اقدامات جاری ہیں اور اس حوالے سے اجلاس میں تفصیلی غور کیا گیا کے مطابق حکومت نے اس سلسلے میں اہم فیصلے کئے ہیں اور متعلقہ اداروں کو ہدایات جاری کر دی گئی ہیں جبکہ عوامی مسائل کے حل کیلئے اقدامات جاری ہیں اور اس حوالے

45
بقیہ

کے مطابق حکومت نے اس سلسلے میں اہم فیصلے کئے ہیں اور متعلقہ اداروں کو ہدایات جاری کر دی گئی ہیں جبکہ عوامی مسائل کے حل کیلئے اقدامات جاری ہیں اور اس حوالے سے اجلاس میں تفصیلی غور کیا گیا کے مطابق حکومت نے اس سلسلے میں اہم فیصلے کئے ہیں اور متعلقہ اداروں کو ہدایات جاری کر دی گئی ہیں جبکہ عوامی مسائل کے حل کیلئے اقدامات جاری ہیں اور اس حوالے سے اجلاس میں تفصیلی غور کیا گیا کے مطابق حکومت نے اس سلسلے میں اہم فیصلے کئے ہیں اور متعلقہ اداروں کو ہدایات جاری کر دی گئی ہیں جبکہ عوامی مسائل کے حل کیلئے اقدامات جاری ہیں اور اس حوالے سے اجلاس میں تفصیلی غور کیا گیا کے مطابق حکومت نے اس سلسلے میں اہم فیصلے کئے ہیں اور متعلقہ اداروں کو ہدایات جاری کر دی گئی ہیں جبکہ عوامی مسائل کے حل کیلئے اقدامات جاری ہیں اور اس حوالے سے اجلاس میں تفصیلی غور کیا گیا کے مطابق حکومت نے اس سلسلے میں اہم فیصلے کئے ہیں اور متعلقہ اداروں کو

46
بقیہ

کے مطابق حکومت نے اس سلسلے میں اہم فیصلے کئے ہیں اور متعلقہ اداروں کو ہدایات جاری کر دی گئی ہیں جبکہ عوامی مسائل کے حل کیلئے اقدامات جاری ہیں اور اس حوالے سے اجلاس میں تفصیلی غور کیا گیا کے مطابق حکومت نے اس سلسلے میں اہم فیصلے کئے ہیں اور متعلقہ اداروں کو ہدایات جاری کر دی گئی ہیں جبکہ عوامی مسائل کے حل کیلئے اقدامات جاری ہیں اور اس حوالے سے اجلاس میں تفصیلی غور کیا گیا کے مطابق حکومت نے اس سلسلے میں اہم فیصلے کئے ہیں اور متعلقہ اداروں کو ہدایات جاری کر دی گئی ہیں جبکہ عوامی مسائل کے حل کیلئے اقدامات جاری ہیں اور اس حوالے سے اجلاس میں تفصیلی غور کیا گیا کے مطابق حکومت نے اس سلسلے میں اہم فیصلے کئے ہیں اور متعلقہ اداروں کو ہدایات جاری کر دی گئی ہیں جبکہ عوامی مسائل کے حل کیلئے اقدامات جاری ہیں اور اس حوالے سے اجلاس میں تفصیلی غور کیا گیا کے

47
بقیہ

کے مطابق حکومت نے اس سلسلے میں اہم فیصلے کئے ہیں اور متعلقہ اداروں کو ہدایات جاری کر دی گئی ہیں جبکہ عوامی مسائل کے حل کیلئے اقدامات جاری ہیں اور اس حوالے سے اجلاس میں تفصیلی غور کیا گیا کے مطابق حکومت نے اس سلسلے میں اہم فیصلے کئے ہیں اور متعلقہ اداروں کو ہدایات جاری کر دی گئی ہیں جبکہ عوامی مسائل کے حل کیلئے اقدامات جاری ہیں اور اس حوالے سے اجلاس میں تفصیلی غور کیا گیا کے مطابق حکومت نے اس سلسلے میں اہم فیصلے کئے ہیں اور متعلقہ اداروں کو ہدایات جاری کر دی گئی ہیں جبکہ عوامی مسائل کے حل کیلئے اقدامات جاری ہیں اور اس حوالے سے اجلاس میں تفصیلی غور کیا گیا کے مطابق حکومت نے اس سلسلے میں اہم فیصلے کئے ہیں اور متعلقہ اداروں کو ہدایات جاری کر دی گئی ہیں جبکہ عوامی مسائل کے حل کیلئے اقدامات جاری ہیں اور اس حوالے سے اجلاس میں تفصیلی غور کیا گیا کے مطابق حکومت نے اس سلسلے میں اہم فیصلے کئے ہیں اور متعلقہ اداروں کو ہدایات جاری کر دی گئی ہیں جبکہ

48
بقیہ

کے مطابق حکومت نے اس سلسلے میں اہم فیصلے کئے ہیں اور متعلقہ اداروں کو ہدایات جاری کر دی گئی ہیں جبکہ عوامی مسائل کے حل کیلئے اقدامات جاری ہیں اور اس حوالے سے اجلاس میں تفصیلی غور کیا گیا کے مطابق حکومت نے اس سلسلے میں اہم فیصلے کئے ہیں اور متعلقہ اداروں کو ہدایات جاری کر دی گئی ہیں جبکہ عوامی مسائل کے حل کیلئے اقدامات جاری ہیں اور اس حوالے سے اجلاس میں تفصیلی غور کیا گیا کے مطابق حکومت نے اس سلسلے میں اہم فیصلے کئے ہیں اور متعلقہ اداروں کو ہدایات جاری کر دی گئی ہیں جبکہ عوامی مسائل کے حل کیلئے اقدامات جاری ہیں اور اس حوالے سے اجلاس میں تفصیلی غور کیا گیا کے مطابق حکومت نے اس سلسلے میں اہم فیصلے کئے ہیں اور متعلقہ اداروں کو ہدایات جاری کر دی گئی ہیں جبکہ عوامی مسائل کے حل کیلئے اقدامات جاری ہیں اور اس حوالے سے اجلاس میں تفصیلی غور کیا گیا کے

49
بقیہ

کے مطابق حکومت نے اس سلسلے میں اہم فیصلے کئے ہیں اور متعلقہ اداروں کو ہدایات جاری کر دی گئی ہیں جبکہ عوامی مسائل کے حل کیلئے اقدامات جاری ہیں اور اس حوالے سے اجلاس میں تفصیلی غور کیا گیا کے مطابق حکومت نے اس سلسلے میں اہم فیصلے کئے ہیں اور متعلقہ اداروں کو ہدایات جاری کر دی گئی ہیں جبکہ عوامی مسائل کے حل کیلئے اقدامات جاری ہیں اور اس حوالے سے اجلاس میں تفصیلی غور کیا گیا کے مطابق حکومت نے اس سلسلے میں اہم فیصلے کئے ہیں اور متعلقہ اداروں کو ہدایات جاری کر دی گئی ہیں جبکہ عوامی مسائل کے حل کیلئے اقدامات جاری ہیں اور اس حوالے سے اجلاس میں تفصیلی غور کیا گیا کے مطابق حکومت نے اس سلسلے میں اہم فیصلے کئے ہیں اور متعلقہ اداروں کو ہدایات جاری کر دی گئی ہیں جبکہ عوامی مسائل کے حل کیلئے اقدامات جاری ہیں اور اس حوالے سے اجلاس میں تفصیلی غور کیا گیا کے

50
بقیہ

کے مطابق حکومت نے اس سلسلے میں اہم فیصلے کئے ہیں اور متعلقہ اداروں کو ہدایات جاری کر دی گئی ہیں جبکہ عوامی مسائل کے حل کیلئے اقدامات جاری ہیں اور اس حوالے سے اجلاس میں تفصیلی غور کیا گیا کے مطابق حکومت نے اس سلسلے میں اہم فیصلے کئے ہیں اور متعلقہ اداروں کو ہدایات جاری کر دی گئی ہیں جبکہ عوامی مسائل کے حل کیلئے اقدامات جاری ہیں اور اس حوالے سے اجلاس میں تفصیلی غور کیا گیا کے مطابق حکومت نے اس سلسلے میں اہم فیصلے کئے ہیں اور متعلقہ اداروں کو ہدایات جاری کر دی گئی ہیں جبکہ عوامی مسائل کے حل کیلئے اقدامات جاری ہیں اور اس حوالے سے اجلاس میں تفصیلی غور کیا گیا کے مطابق حکومت نے اس سلسلے میں اہم فیصلے کئے ہیں اور متعلقہ اداروں کو ہدایات جاری کر دی گئی ہیں جبکہ عوامی مسائل کے حل کیلئے اقدامات جاری ہیں اور اس حوالے سے اجلاس میں تفصیلی غور کیا گیا کے مطابق حکومت نے اس سلسلے میں اہم فیصلے کئے ہیں اور متعلقہ اداروں کو ہدایات جاری کر دی گئی ہیں جبکہ

51
بقیہ

کے مطابق حکومت نے اس سلسلے میں اہم فیصلے کئے ہیں اور متعلقہ اداروں کو ہدایات جاری کر دی گئی ہیں جبکہ عوامی مسائل کے حل کیلئے اقدامات جاری ہیں اور اس حوالے سے اجلاس میں تفصیلی غور کیا گیا کے مطابق حکومت نے اس سلسلے میں اہم فیصلے کئے ہیں اور متعلقہ اداروں کو ہدایات جاری کر دی گئی ہیں جبکہ عوامی مسائل کے حل کیلئے اقدامات جاری ہیں اور اس حوالے سے اجلاس میں تفصیلی غور کیا گیا کے مطابق حکومت نے اس سلسلے میں اہم فیصلے کئے ہیں اور متعلقہ اداروں کو ہدایات جاری کر دی گئی ہیں جبکہ عوامی مسائل کے حل کیلئے اقدامات جاری ہیں اور اس حوالے سے اجلاس میں تفصیلی غور کیا گیا کے مطابق حکومت نے اس سلسلے میں اہم فیصلے کئے ہیں اور متعلقہ اداروں کو ہدایات جاری کر دی گئی ہیں جبکہ عوامی مسائل کے حل کیلئے اقدامات جاری ہیں اور اس حوالے سے اجلاس میں تفصیلی غور کیا گیا کے مطابق حکومت نے اس سلسلے میں اہم

52
بقیہ

کے مطابق حکومت نے اس سلسلے میں اہم فیصلے کئے ہیں اور متعلقہ اداروں کو ہدایات جاری کر دی گئی ہیں جبکہ عوامی مسائل کے حل کیلئے اقدامات جاری ہیں اور اس حوالے سے اجلاس میں تفصیلی غور کیا گیا کے مطابق حکومت نے اس سلسلے میں اہم فیصلے کئے ہیں اور متعلقہ اداروں کو ہدایات جاری کر دی گئی ہیں جبکہ عوامی مسائل کے حل کیلئے اقدامات جاری ہیں اور اس حوالے سے اجلاس میں تفصیلی غور کیا گیا کے مطابق حکومت نے اس سلسلے میں اہم فیصلے کئے ہیں اور متعلقہ اداروں کو ہدایات جاری کر دی گئی ہیں جبکہ عوامی مسائل کے حل کیلئے اقدامات جاری ہیں اور اس حوالے سے اجلاس میں تفصیلی غور کیا گیا کے مطابق حکومت نے اس سلسلے میں اہم فیصلے کئے ہیں اور متعلقہ اداروں کو ہدایات جاری کر دی گئی ہیں جبکہ عوامی مسائل کے حل کیلئے اقدامات جاری ہیں اور اس حوالے

53
بقیہ

کے مطابق حکومت نے اس سلسلے میں اہم فیصلے کئے ہیں اور متعلقہ اداروں کو ہدایات جاری کر دی گئی ہیں جبکہ عوامی مسائل کے حل کیلئے اقدامات جاری ہیں اور اس حوالے سے اجلاس میں تفصیلی غور کیا گیا کے مطابق حکومت نے اس سلسلے میں اہم فیصلے کئے ہیں اور متعلقہ اداروں کو ہدایات جاری کر دی گئی ہیں جبکہ عوامی مسائل کے حل کیلئے اقدامات جاری ہیں اور اس حوالے سے اجلاس میں تفصیلی غور کیا گیا کے مطابق حکومت نے اس سلسلے میں اہم فیصلے کئے ہیں اور متعلقہ اداروں کو ہدایات جاری کر دی گئی ہیں جبکہ عوامی مسائل کے حل کیلئے اقدامات جاری ہیں اور اس حوالے سے اجلاس میں تفصیلی غور کیا گیا کے مطابق حکومت نے اس سلسلے میں اہم فیصلے کئے ہیں اور متعلقہ اداروں کو ہدایات جاری کر دی گئی ہیں جبکہ عوامی مسائل کے حل کیلئے اقدامات جاری ہیں اور اس حوالے سے اجلاس میں تفصیلی غور کیا گیا کے مطابق حکومت نے اس سلسلے میں اہم فیصلے کئے ہیں اور متعلقہ اداروں کو

54
بقیہ

کے مطابق حکومت نے اس سلسلے میں اہم فیصلے کئے ہیں اور متعلقہ اداروں کو ہدایات جاری کر دی گئی ہیں جبکہ عوامی مسائل کے حل کیلئے اقدامات جاری ہیں اور اس حوالے سے اجلاس میں تفصیلی غور کیا گیا کے مطابق حکومت نے اس سلسلے میں اہم فیصلے کئے ہیں اور متعلقہ اداروں کو ہدایات جاری کر دی گئی ہیں جبکہ عوامی مسائل کے حل کیلئے اقدامات جاری ہیں اور اس حوالے سے اجلاس میں تفصیلی غور کیا گیا کے مطابق حکومت نے اس سلسلے میں اہم فیصلے کئے ہیں اور متعلقہ اداروں کو ہدایات جاری کر دی گئی ہیں جبکہ عوامی مسائل کے حل کیلئے اقدامات جاری ہیں اور اس حوالے سے اجلاس میں تفصیلی غور کیا گیا کے مطابق حکومت نے اس سلسلے میں اہم فیصلے کئے ہیں اور متعلقہ اداروں کو ہدایات جاری کر دی گئی ہیں جبکہ عوامی مسائل کے حل کیلئے اقدامات جاری ہیں اور اس حوالے سے اجلاس میں تفصیلی غور کیا گیا کے

55
بقیہ

کے مطابق حکومت نے اس سلسلے میں اہم فیصلے کئے ہیں اور متعلقہ اداروں کو ہدایات جاری کر دی گئی ہیں جبکہ عوامی مسائل کے حل کیلئے اقدامات جاری ہیں اور اس حوالے سے اجلاس میں تفصیلی غور کیا گیا کے مطابق حکومت نے اس سلسلے میں اہم فیصلے کئے ہیں اور متعلقہ اداروں کو ہدایات جاری کر دی گئی ہیں جبکہ عوامی مسائل کے حل کیلئے اقدامات جاری ہیں اور اس حوالے سے اجلاس میں تفصیلی غور کیا گیا کے مطابق حکومت نے اس سلسلے میں اہم فیصلے کئے ہیں اور متعلقہ اداروں کو ہدایات جاری کر دی گئی ہیں جبکہ عوامی مسائل کے حل کیلئے اقدامات جاری ہیں اور اس حوالے سے اجلاس میں تفصیلی غور کیا گیا کے مطابق حکومت نے اس سلسلے میں اہم فیصلے کئے ہیں اور متعلقہ اداروں کو ہدایات جاری کر دی گئی ہیں جبکہ عوامی مسائل کے حل کیلئے اقدامات جاری ہیں اور اس حوالے سے اجلاس میں تفصیلی غور کیا گیا کے مطابق حکومت نے اس سلسلے میں اہم فیصلے کئے ہیں اور متعلقہ اداروں کو ہدایات جاری کر دی گئی ہیں جبکہ

56
بقیہ

کے مطابق حکومت نے اس سلسلے میں اہم فیصلے کئے ہیں اور متعلقہ اداروں کو ہدایات جاری کر دی گئی ہیں جبکہ عوامی مسائل کے حل کیلئے اقدامات جاری ہیں اور اس حوالے سے اجلاس میں تفصیلی غور کیا گیا کے مطابق حکومت نے اس سلسلے میں اہم فیصلے کئے ہیں اور متعلقہ اداروں کو ہدایات جاری کر دی گئی ہیں جبکہ عوامی مسائل کے حل کیلئے اقدامات جاری ہیں اور اس حوالے سے اجلاس میں تفصیلی غور کیا گیا کے مطابق حکومت نے اس سلسلے میں اہم فیصلے کئے ہیں اور متعلقہ اداروں کو ہدایات جاری کر دی گئی ہیں جبکہ عوامی مسائل کے حل کیلئے اقدامات جاری ہیں اور اس حوالے سے اجلاس میں تفصیلی غور کیا گیا کے مطابق حکومت نے اس سلسلے میں اہم فیصلے کئے ہیں اور

57
بقیہ

کے مطابق حکومت نے اس سلسلے میں اہم فیصلے کئے ہیں اور متعلقہ اداروں کو ہدایات جاری کر دی گئی ہیں جبکہ عوامی مسائل کے حل کیلئے اقدامات جاری ہیں اور اس حوالے سے اجلاس میں تفصیلی غور کیا گیا کے مطابق حکومت نے اس سلسلے میں اہم فیصلے کئے ہیں اور متعلقہ اداروں کو ہدایات جاری کر دی گئی ہیں جبکہ عوامی مسائل کے حل کیلئے اقدامات جاری ہیں اور اس حوالے سے اجلاس میں تفصیلی غور کیا گیا کے مطابق حکومت نے اس سلسلے میں اہم فیصلے کئے ہیں اور متعلقہ اداروں کو ہدایات جاری کر دی گئی ہیں جبکہ عوامی مسائل کے حل کیلئے اقدامات جاری ہیں اور اس حوالے سے اجلاس میں

58
بقیہ

کے مطابق حکومت نے اس سلسلے میں اہم فیصلے کئے ہیں اور متعلقہ اداروں کو ہدایات جاری کر دی گئی ہیں جبکہ عوامی مسائل کے حل کیلئے اقدامات جاری ہیں اور اس حوالے سے اجلاس میں تفصیلی غور کیا گیا کے مطابق حکومت نے اس سلسلے میں اہم فیصلے کئے ہیں اور متعلقہ اداروں کو ہدایات جاری کر دی گئی ہیں جبکہ عوامی مسائل کے حل کیلئے اقدامات جاری ہیں اور اس حوالے سے اجلاس میں تفصیلی غور کیا گیا کے مطابق حکومت نے اس سلسلے میں اہم فیصلے کئے ہیں اور متعلقہ اداروں کو ہدایات جاری کر دی گئی ہیں جبکہ عوامی مسائل کے حل کیلئے اقدامات جاری ہیں اور اس حوالے سے اجلاس میں تفصیلی غور کیا گیا کے مطابق حکومت نے اس سلسلے میں اہم فیصلے کئے ہیں اور متعلقہ اداروں کو ہدایات جاری کر دی

59
بقیہ

کے مطابق حکومت نے اس سلسلے میں اہم فیصلے کئے ہیں اور متعلقہ اداروں کو ہدایات جاری کر دی گئی ہیں جبکہ عوامی مسائل کے حل کیلئے اقدامات جاری ہیں اور اس حوالے سے اجلاس میں تفصیلی غور کیا گیا کے مطابق حکومت نے اس سلسلے میں اہم فیصلے کئے ہیں اور متعلقہ اداروں کو ہدایات جاری کر دی گئی ہیں جبکہ عوامی مسائل کے حل کیلئے اقدامات جاری ہیں اور اس حوالے سے اجلاس میں تفصیلی غور کیا گیا کے مطابق حکومت نے اس سلسلے میں اہم فیصلے کئے ہیں اور متعلقہ اداروں کو ہدایات جاری کر دی گئی ہیں جبکہ عوامی مسائل کے حل کیلئے اقدامات جاری ہیں اور اس حوالے سے اجلاس میں تفصیلی غور کیا گیا کے مطابق حکومت نے

60
بقیہ

کے مطابق حکومت نے اس سلسلے میں اہم فیصلے کئے ہیں اور متعلقہ اداروں کو ہدایات جاری کر دی گئی ہیں جبکہ عوامی مسائل کے حل کیلئے اقدامات جاری ہیں اور اس حوالے سے اجلاس میں تفصیلی غور کیا گیا کے مطابق حکومت نے اس سلسلے میں اہم فیصلے کئے ہیں اور متعلقہ اداروں کو ہدایات جاری کر دی گئی ہیں جبکہ عوامی مسائل کے حل کیلئے اقدامات جاری ہیں اور اس حوالے سے اجلاس میں تفصیلی غور کیا گیا کے مطابق حکومت نے اس سلسلے میں اہم فیصلے کئے ہیں اور متعلقہ اداروں کو ہدایات جاری کر دی گئی ہیں جبکہ عوامی مسائل کے حل کیلئے اقدامات

61
بقیہ

کے مطابق حکومت نے اس سلسلے میں اہم فیصلے کئے ہیں اور متعلقہ اداروں کو ہدایات جاری کر دی گئی ہیں جبکہ عوامی مسائل کے حل کیلئے اقدامات جاری ہیں اور اس حوالے سے اجلاس میں تفصیلی غور کیا گیا کے مطابق حکومت نے اس سلسلے میں اہم فیصلے کئے ہیں اور متعلقہ اداروں کو ہدایات جاری کر دی گئی ہیں جبکہ عوامی مسائل کے حل کیلئے اقدامات جاری ہیں اور اس حوالے سے اجلاس میں تفصیلی غور کیا گیا کے مطابق حکومت نے اس سلسلے میں اہم فیصلے کئے ہیں اور متعلقہ اداروں کو ہدایات جاری کر دی گئی ہیں جبکہ عوامی مسائل کے حل کیلئے اقدامات جاری ہیں اور اس حوالے سے اجلاس میں تفصیلی غور کیا گیا کے مطابق حکومت نے اس سلسلے میں اہم فیصلے کئے ہیں اور

62
بقیہ

کے مطابق حکومت نے اس سلسلے میں اہم فیصلے کئے ہیں اور متعلقہ اداروں کو ہدایات جاری کر دی گئی ہیں جبکہ عوامی مسائل کے حل کیلئے اقدامات جاری ہیں اور اس حوالے سے اجلاس میں تفصیلی غور کیا گیا کے مطابق حکومت نے اس سلسلے میں اہم فیصلے کئے ہیں اور متعلقہ اداروں کو ہدایات جاری کر دی گئی ہیں جبکہ عوامی مسائل کے حل کیلئے اقدامات جاری ہیں اور اس حوالے سے اجلاس میں تفصیلی غور کیا گیا کے مطابق حکومت نے اس سلسلے میں اہم فیصلے کئے ہیں اور متعلقہ اداروں کو ہدایات جاری کر دی گئی ہیں جبکہ عوامی مسائل کے حل کیلئے اقدامات جاری ہیں اور اس حوالے سے اجلاس میں

63
بقیہ

کے مطابق حکومت نے اس سلسلے میں اہم فیصلے کئے ہیں اور متعلقہ اداروں کو ہدایات جاری کر دی گئی ہیں جبکہ عوامی مسائل کے حل کیلئے اقدامات جاری ہیں اور اس حوالے سے اجلاس میں تفصیلی غور کیا گیا کے مطابق حکومت نے اس سلسلے میں اہم فیصلے کئے ہیں اور متعلقہ اداروں کو ہدایات جاری کر دی گئی ہیں جبکہ عوامی مسائل کے حل کیلئے اقدامات جاری ہیں اور اس حوالے سے اجلاس میں تفصیلی غور کیا گیا کے مطابق حکومت نے اس سلسلے میں اہم فیصلے کئے ہیں اور متعلقہ اداروں کو ہدایات جاری کر دی گئی ہیں جبکہ عوامی مسائل کے حل کیلئے اقدامات جاری ہیں اور اس حوالے سے اجلاس میں تفصیلی غور کیا گیا کے مطابق حکومت نے اس سلسلے میں اہم فیصلے کئے ہیں اور متعلقہ اداروں کو ہدایات جاری کر دی

64
بقیہ

کے مطابق حکومت نے اس سلسلے میں اہم فیصلے کئے ہیں اور متعلقہ اداروں کو ہدایات جاری کر دی گئی ہیں جبکہ عوامی مسائل کے حل کیلئے اقدامات جاری ہیں اور اس حوالے سے اجلاس میں تفصیلی غور کیا گیا کے مطابق حکومت نے اس سلسلے میں اہم فیصلے کئے ہیں اور متعلقہ اداروں کو ہدایات جاری کر دی گئی ہیں جبکہ عوامی مسائل کے حل کیلئے اقدامات جاری ہیں اور اس حوالے سے اجلاس میں تفصیلی غور کیا گیا کے مطابق حکومت نے اس سلسلے میں اہم فیصلے کئے ہیں اور متعلقہ اداروں کو ہدایات جاری کر دی گئی ہیں جبکہ عوامی مسائل کے حل کیلئے اقدامات جاری ہیں اور اس حوالے سے اجلاس میں تفصیلی غور کیا گیا کے مطابق حکومت نے
